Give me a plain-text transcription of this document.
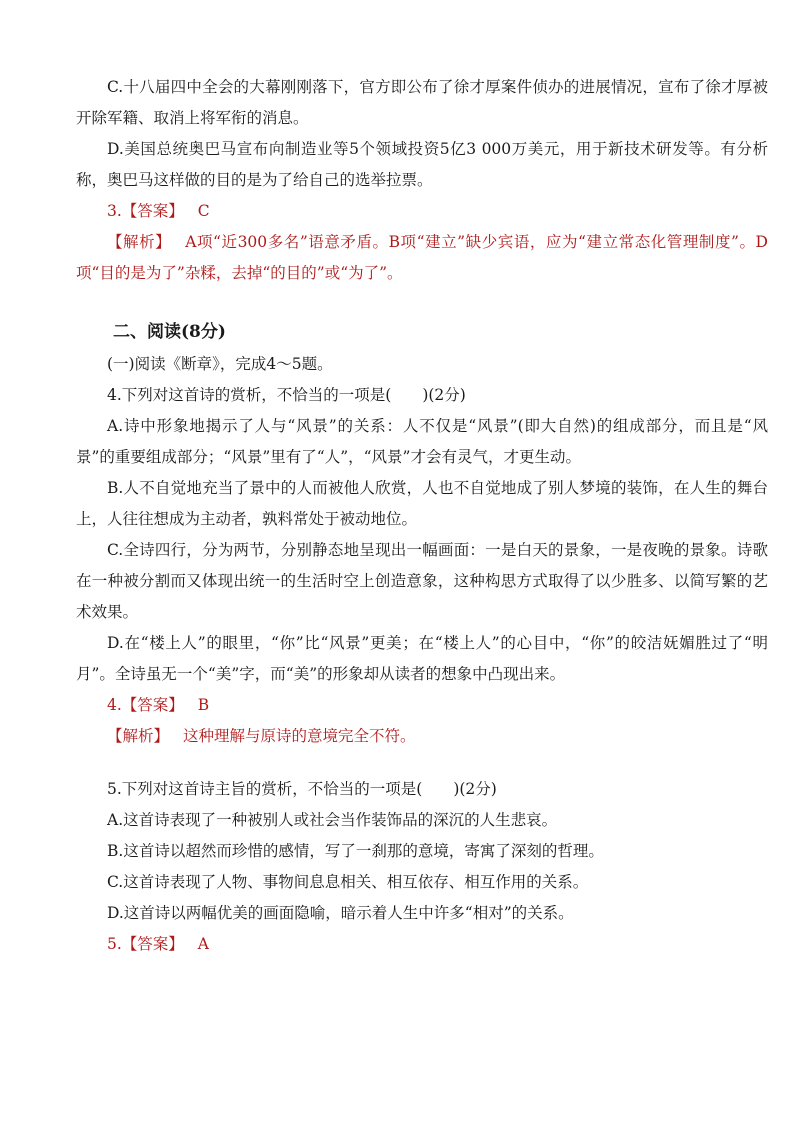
C.十八届四中全会的大幕刚刚落下，官方即公布了徐才厚案件侦办的进展情况，宣布了徐才厚被开除军籍、取消上将军衔的消息。

D.美国总统奥巴马宣布向制造业等5个领域投资5亿3 000万美元，用于新技术研发等。有分析称，奥巴马这样做的目的是为了给自己的选举拉票。

3.【答案】 C

【解析】 A项“近300多名”语意矛盾。B项“建立”缺少宾语，应为“建立常态化管理制度”。D项“目的是为了”杂糅，去掉“的目的”或“为了”。

二、阅读(8分)

(一)阅读《断章》，完成4～5题。

4.下列对这首诗的赏析，不恰当的一项是(　　)(2分)

A.诗中形象地揭示了人与“风景”的关系：人不仅是“风景”(即大自然)的组成部分，而且是“风景”的重要组成部分；“风景”里有了“人”，“风景”才会有灵气，才更生动。

B.人不自觉地充当了景中的人而被他人欣赏，人也不自觉地成了别人梦境的装饰，在人生的舞台上，人往往想成为主动者，孰料常处于被动地位。

C.全诗四行，分为两节，分别静态地呈现出一幅画面：一是白天的景象，一是夜晚的景象。诗歌在一种被分割而又体现出统一的生活时空上创造意象，这种构思方式取得了以少胜多、以简写繁的艺术效果。

D.在“楼上人”的眼里，“你”比“风景”更美；在“楼上人”的心目中，“你”的皎洁妩媚胜过了“明月”。全诗虽无一个“美”字，而“美”的形象却从读者的想象中凸现出来。

4.【答案】 B

【解析】 这种理解与原诗的意境完全不符。

5.下列对这首诗主旨的赏析，不恰当的一项是(　　)(2分)

A.这首诗表现了一种被别人或社会当作装饰品的深沉的人生悲哀。

B.这首诗以超然而珍惜的感情，写了一刹那的意境，寄寓了深刻的哲理。

C.这首诗表现了人物、事物间息息相关、相互依存、相互作用的关系。

D.这首诗以两幅优美的画面隐喻，暗示着人生中许多“相对”的关系。

5.【答案】 A
